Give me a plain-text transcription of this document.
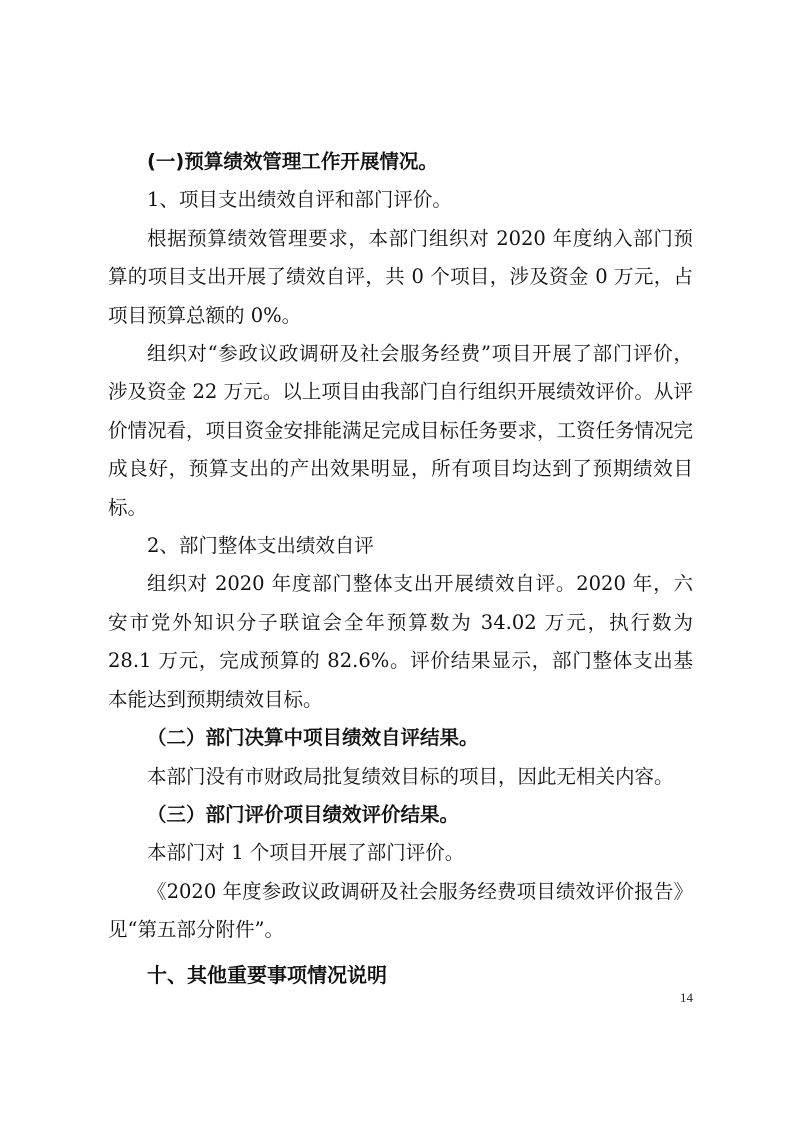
(一)预算绩效管理工作开展情况。

1、项目支出绩效自评和部门评价。

根据预算绩效管理要求，本部门组织对 2020 年度纳入部门预算的项目支出开展了绩效自评，共 0 个项目，涉及资金 0 万元，占项目预算总额的 0%。

组织对“参政议政调研及社会服务经费”项目开展了部门评价，涉及资金 22 万元。以上项目由我部门自行组织开展绩效评价。从评价情况看，项目资金安排能满足完成目标任务要求，工资任务情况完成良好，预算支出的产出效果明显，所有项目均达到了预期绩效目标。

2、部门整体支出绩效自评

组织对 2020 年度部门整体支出开展绩效自评。2020 年，六安市党外知识分子联谊会全年预算数为 34.02 万元，执行数为 28.1 万元，完成预算的 82.6%。评价结果显示，部门整体支出基本能达到预期绩效目标。

（二）部门决算中项目绩效自评结果。

本部门没有市财政局批复绩效目标的项目，因此无相关内容。

（三）部门评价项目绩效评价结果。

本部门对 1 个项目开展了部门评价。

《2020 年度参政议政调研及社会服务经费项目绩效评价报告》见“第五部分附件”。

十、其他重要事项情况说明

14
